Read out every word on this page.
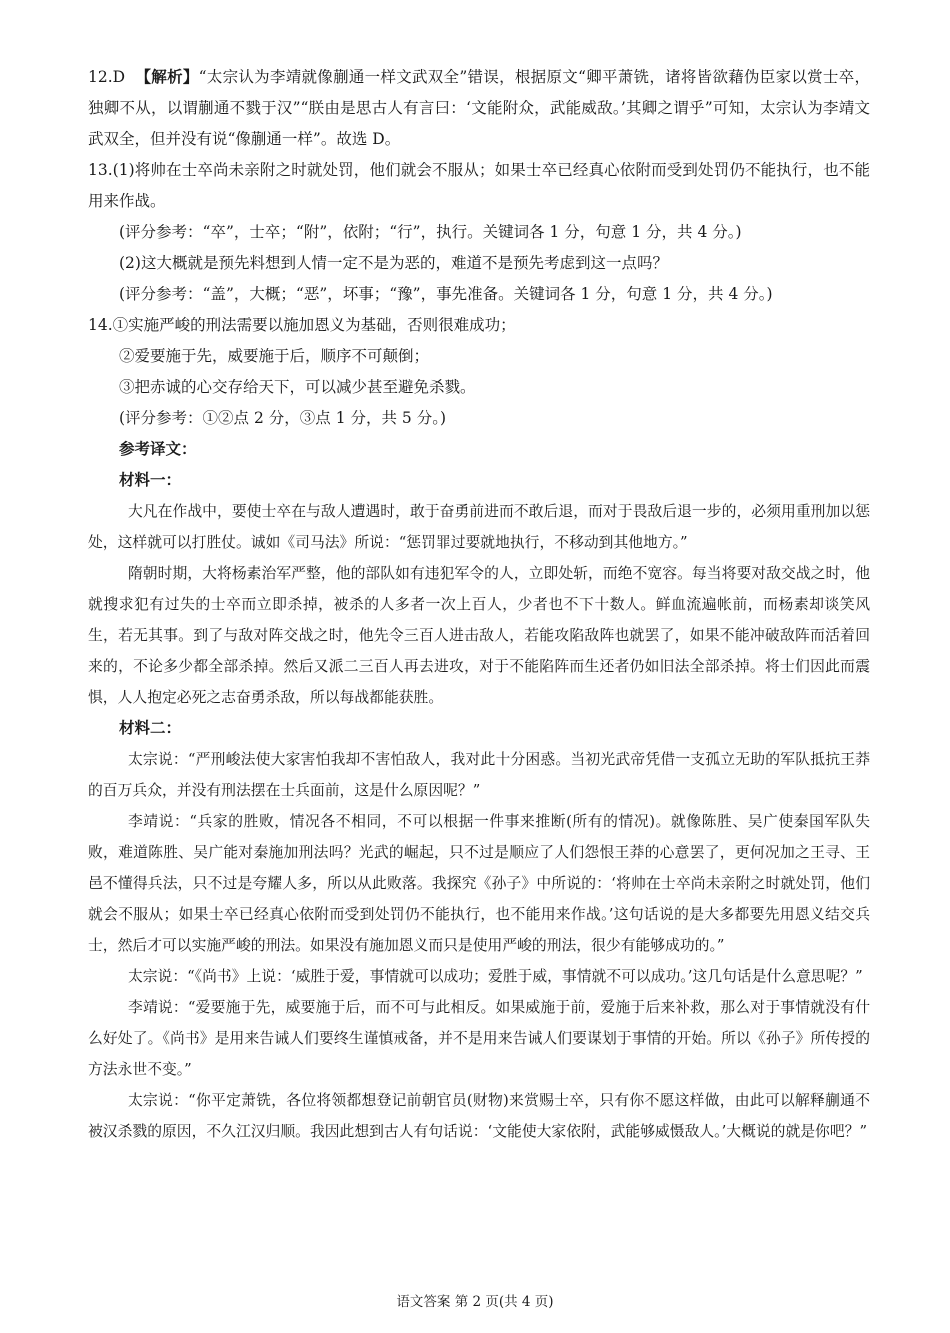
12.D 【解析】“太宗认为李靖就像蒯通一样文武双全”错误，根据原文“卿平萧铣，诸将皆欲藉伪臣家以赏士卒，独卿不从，以谓蒯通不戮于汉”“朕由是思古人有言曰：‘文能附众，武能威敌。’其卿之谓乎”可知，太宗认为李靖文武双全，但并没有说“像蒯通一样”。故选 D。

13.(1)将帅在士卒尚未亲附之时就处罚，他们就会不服从；如果士卒已经真心依附而受到处罚仍不能执行，也不能用来作战。

(评分参考：“卒”，士卒；“附”，依附；“行”，执行。关键词各 1 分，句意 1 分，共 4 分。)

(2)这大概就是预先料想到人情一定不是为恶的，难道不是预先考虑到这一点吗？

(评分参考：“盖”，大概；“恶”，坏事；“豫”，事先准备。关键词各 1 分，句意 1 分，共 4 分。)

14.①实施严峻的刑法需要以施加恩义为基础，否则很难成功；

②爱要施于先，威要施于后，顺序不可颠倒；

③把赤诚的心交存给天下，可以减少甚至避免杀戮。

(评分参考：①②点 2 分，③点 1 分，共 5 分。)

参考译文：
材料一：

大凡在作战中，要使士卒在与敌人遭遇时，敢于奋勇前进而不敢后退，而对于畏敌后退一步的，必须用重刑加以惩处，这样就可以打胜仗。诚如《司马法》所说：“惩罚罪过要就地执行，不移动到其他地方。”

隋朝时期，大将杨素治军严整，他的部队如有违犯军令的人，立即处斩，而绝不宽容。每当将要对敌交战之时，他就搜求犯有过失的士卒而立即杀掉，被杀的人多者一次上百人，少者也不下十数人。鲜血流遍帐前，而杨素却谈笑风生，若无其事。到了与敌对阵交战之时，他先令三百人进击敌人，若能攻陷敌阵也就罢了，如果不能冲破敌阵而活着回来的，不论多少都全部杀掉。然后又派二三百人再去进攻，对于不能陷阵而生还者仍如旧法全部杀掉。将士们因此而震惧，人人抱定必死之志奋勇杀敌，所以每战都能获胜。

材料二：

太宗说：“严刑峻法使大家害怕我却不害怕敌人，我对此十分困惑。当初光武帝凭借一支孤立无助的军队抵抗王莽的百万兵众，并没有刑法摆在士兵面前，这是什么原因呢？”

李靖说：“兵家的胜败，情况各不相同，不可以根据一件事来推断(所有的情况)。就像陈胜、吴广使秦国军队失败，难道陈胜、吴广能对秦施加刑法吗？光武的崛起，只不过是顺应了人们怨恨王莽的心意罢了，更何况加之王寻、王邑不懂得兵法，只不过是夸耀人多，所以从此败落。我探究《孙子》中所说的：‘将帅在士卒尚未亲附之时就处罚，他们就会不服从；如果士卒已经真心依附而受到处罚仍不能执行，也不能用来作战。’这句话说的是大多都要先用恩义结交兵士，然后才可以实施严峻的刑法。如果没有施加恩义而只是使用严峻的刑法，很少有能够成功的。”

太宗说：“《尚书》上说：‘威胜于爱，事情就可以成功；爱胜于威，事情就不可以成功。’这几句话是什么意思呢？”

李靖说：“爱要施于先，威要施于后，而不可与此相反。如果威施于前，爱施于后来补救，那么对于事情就没有什么好处了。《尚书》是用来告诫人们要终生谨慎戒备，并不是用来告诫人们要谋划于事情的开始。所以《孙子》所传授的方法永世不变。”

太宗说：“你平定萧铣，各位将领都想登记前朝官员(财物)来赏赐士卒，只有你不愿这样做，由此可以解释蒯通不被汉杀戮的原因，不久江汉归顺。我因此想到古人有句话说：‘文能使大家依附，武能够威慑敌人。’大概说的就是你吧？”

语文答案 第 2 页(共 4 页)
